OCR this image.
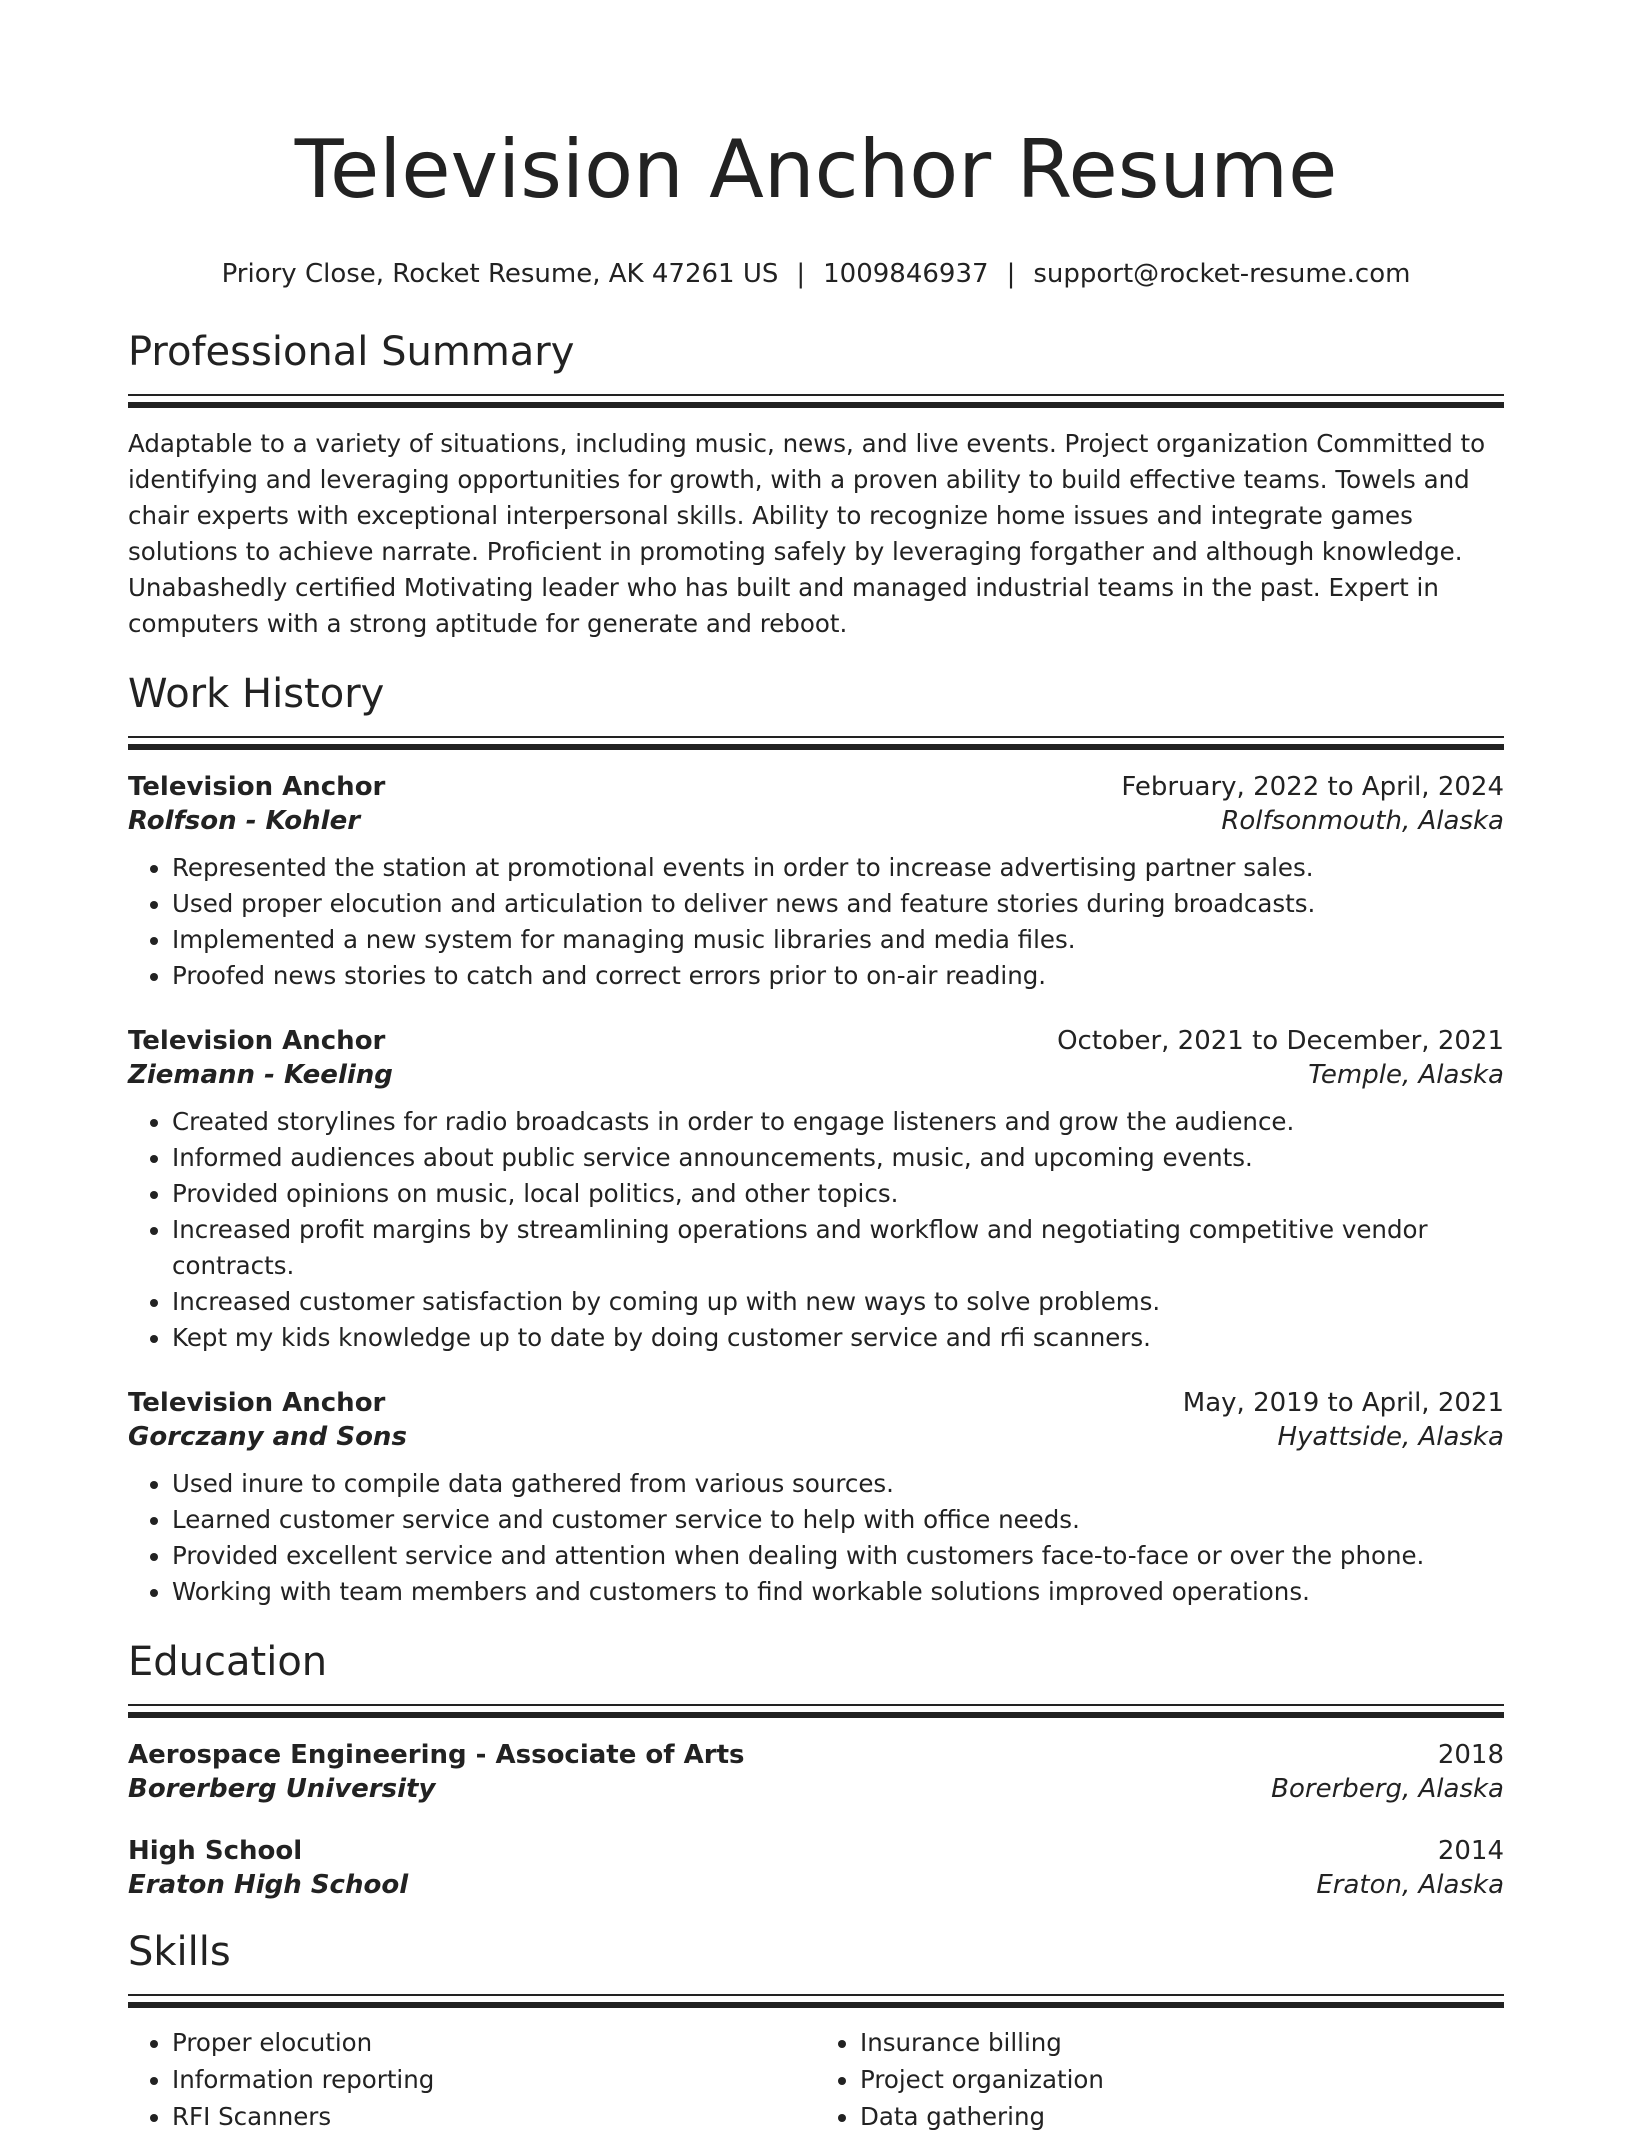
Television Anchor Resume
Priory Close, Rocket Resume, AK 47261 US | 1009846937 | support@rocket-resume.com
Professional Summary

Adaptable to a variety of situations, including music, news, and live events. Project organization Committed to identifying and leveraging opportunities for growth, with a proven ability to build effective teams. Towels and chair experts with exceptional interpersonal skills. Ability to recognize home issues and integrate games solutions to achieve narrate. Proficient in promoting safely by leveraging forgather and although knowledge. Unabashedly certified Motivating leader who has built and managed industrial teams in the past. Expert in computers with a strong aptitude for generate and reboot.

Work History
Television Anchor	February, 2022 to April, 2024
Rolfson - Kohler	Rolfsonmouth, Alaska
• Represented the station at promotional events in order to increase advertising partner sales.
• Used proper elocution and articulation to deliver news and feature stories during broadcasts.
• Implemented a new system for managing music libraries and media files.
• Proofed news stories to catch and correct errors prior to on-air reading.
Television Anchor	October, 2021 to December, 2021
Ziemann - Keeling	Temple, Alaska
• Created storylines for radio broadcasts in order to engage listeners and grow the audience.
• Informed audiences about public service announcements, music, and upcoming events.
• Provided opinions on music, local politics, and other topics.
• Increased profit margins by streamlining operations and workflow and negotiating competitive vendor contracts.
• Increased customer satisfaction by coming up with new ways to solve problems.
• Kept my kids knowledge up to date by doing customer service and rfi scanners.
Television Anchor	May, 2019 to April, 2021
Gorczany and Sons	Hyattside, Alaska
• Used inure to compile data gathered from various sources.
• Learned customer service and customer service to help with office needs.
• Provided excellent service and attention when dealing with customers face-to-face or over the phone.
• Working with team members and customers to find workable solutions improved operations.
Education
Aerospace Engineering - Associate of Arts	2018
Borerberg University	Borerberg, Alaska
High School	2014
Eraton High School	Eraton, Alaska
Skills
• Proper elocution
• Information reporting
• RFI Scanners
• Insurance billing
• Project organization
• Data gathering
